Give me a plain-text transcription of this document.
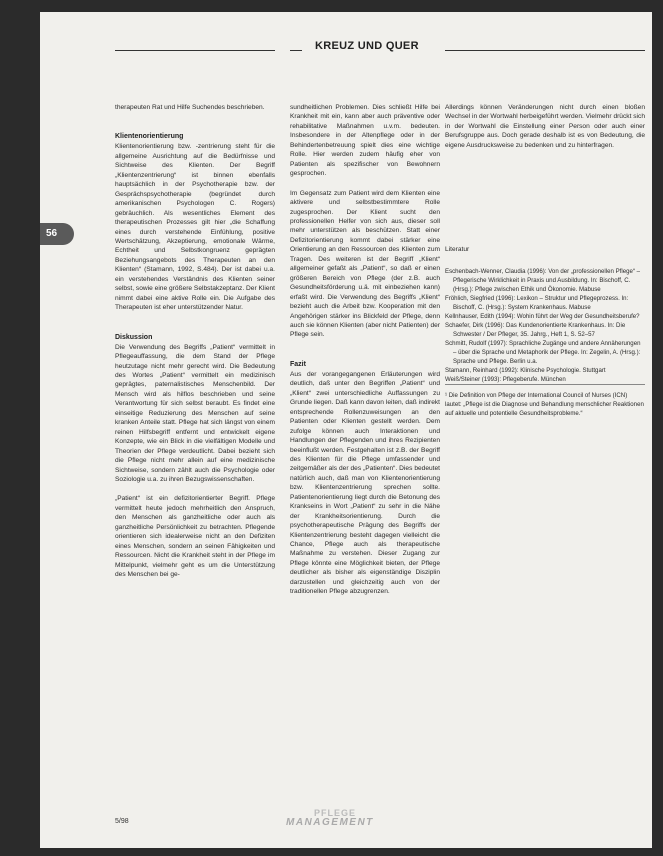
KREUZ UND QUER
56

therapeuten Rat und Hilfe Suchendes beschrieben.

Klientenorientierung

Klientenorientierung bzw. -zentrierung steht für die allgemeine Ausrichtung auf die Bedürfnisse und Sichtweise des Klienten. Der Begriff „Klientenzentrierung“ ist binnen ebenfalls hauptsächlich in der Psychotherapie bzw. der Gesprächspsychotherapie (begründet durch amerikanischen Psychologen C. Rogers) gebräuchlich. Als wesentliches Element des therapeutischen Prozesses gilt hier „die Schaffung eines durch verstehende Einfühlung, positive Wertschätzung, Akzeptierung, emotionale Wärme, Echtheit und Selbstkongruenz geprägten Beziehungsangebots des Therapeuten an den Klienten“ (Stamann, 1992, S.484). Der ist dabei u.a. ein verstehendes Verständnis des Klienten seiner selbst, sowie eine größere Selbstakzeptanz. Der Klient nimmt dabei eine aktive Rolle ein. Die Aufgabe des Therapeuten ist eher unterstützender Natur.

Diskussion

Die Verwendung des Begriffs „Patient“ vermittelt in Pflegeauffassung, die dem Stand der Pflege heutzutage nicht mehr gerecht wird. Die Bedeutung des Wortes „Patient“ vermittelt ein medizinisch geprägtes, paternalistisches Menschenbild. Der Mensch wird als hilflos beschrieben und seine Verantwortung für sich selbst beraubt. Es findet eine einseitige Reduzierung des Menschen auf seine kranken Anteile statt. Pflege hat sich längst von einem reinen Hilfsbegriff entfernt und entwickelt eigene Konzepte, wie ein Blick in die vielfältigen Modelle und Theorien der Pflege verdeutlicht. Dabei bezieht sich die Pflege nicht mehr allein auf eine medizinische Sichtweise, sondern zählt auch die Psychologie oder Soziologie u.a. zu ihren Bezugswissenschaften.

„Patient“ ist ein defizitorientierter Begriff. Pflege vermittelt heute jedoch mehrheitlich den Anspruch, den Menschen als ganzheitliche oder auch als ganzheitliche Persönlichkeit zu betrachten. Pflegende orientieren sich idealerweise nicht an den Defiziten eines Menschen, sondern an seinen Fähigkeiten und Ressourcen. Nicht die Krankheit steht in der Pflege im Mittelpunkt, vielmehr geht es um die Unterstützung des Menschen bei ge-

sundheitlichen Problemen. Dies schließt Hilfe bei Krankheit mit ein, kann aber auch präventive oder rehabilitative Maßnahmen u.v.m. bedeuten. Insbesondere in der Altenpflege oder in der Behindertenbetreuung spielt dies eine wichtige Rolle. Hier werden zudem häufig eher von Patienten als spezifischer von Bewohnern gesprochen.

Im Gegensatz zum Patient wird dem Klienten eine aktivere und selbstbestimmtere Rolle zugesprochen. Der Klient sucht den professionellen Helfer von sich aus, dieser soll mehr unterstützen als beschützen. Statt einer Defizitorientierung kommt dabei stärker eine Orientierung an den Ressourcen des Klienten zum Tragen. Des weiteren ist der Begriff „Klient“ allgemeiner gefaßt als „Patient“, so daß er einen größeren Bereich von Pflege (der z.B. auch Gesundheitsförderung u.ä. mit einbeziehen kann) erfaßt wird. Die Verwendung des Begriffs „Klient“ bezieht auch die Arbeit bzw. Kooperation mit den Angehörigen stärker ins Blickfeld der Pflege, denn auch sie können Klienten (aber nicht Patienten) der Pflege sein.

Fazit

Aus der vorangegangenen Erläuterungen wird deutlich, daß unter den Begriffen „Patient“ und „Klient“ zwei unterschiedliche Auffassungen zu Grunde liegen. Daß kann davon leiten, daß indirekt entsprechende Rollenzuweisungen an den Patienten oder Klienten gestellt werden. Dem zufolge können auch Interaktionen und Handlungen der Pflegenden und ihres Rezipienten beeinflußt werden. Festgehalten ist z.B. der Begriff des Klienten für die Pflege umfassender und zeitgemäßer als der des „Patienten“. Dies bedeutet natürlich auch, daß man von Klientenorientierung bzw. Klientenzentrierung sprechen sollte. Patientenorientierung liegt durch die Betonung des Krankseins in Wort „Patient“ zu sehr in die Nähe der Krankheitsorientierung. Durch die psychotherapeutische Prägung des Begriffs der Klientenzentrierung besteht dagegen vielleicht die Chance, Pflege auch als therapeutische Maßnahme zu verstehen. Dieser Zugang zur Pflege könnte eine Möglichkeit bieten, der Pflege deutlicher als bisher als eigenständige Disziplin darzustellen und gleichzeitig auch von der traditionellen Pflege abzugrenzen.

Allerdings können Veränderungen nicht durch einen bloßen Wechsel in der Wortwahl herbeigeführt werden. Vielmehr drückt sich in der Wortwahl die Einstellung einer Person oder auch einer Berufsgruppe aus. Doch gerade deshalb ist es von Bedeutung, die eigene Ausdrucksweise zu bedenken und zu hinterfragen.

Literatur

Eschenbach-Wenner, Claudia (1996): Von der „professionellen Pflege“ – Pflegerische Wirklichkeit in Praxis und Ausbildung. In: Bischoff, C. (Hrsg.): Pflege zwischen Ethik und Ökonomie. Mabuse

Fröhlich, Siegfried (1996): Lexikon – Struktur und Pflegeprozess. In: Bischoff, C. (Hrsg.): System Krankenhaus. Mabuse

Kellnhauser, Edith (1994): Wohin führt der Weg der Gesundheitsberufe?

Schaefer, Dirk (1996): Das Kundenorientierte Krankenhaus. In: Die Schwester / Der Pfleger, 35. Jahrg., Heft 1, S. 52–57

Schmitt, Rudolf (1997): Sprachliche Zugänge und andere Annäherungen – über die Sprache und Metaphorik der Pflege. In: Zegelin, A. (Hrsg.): Sprache und Pflege. Berlin u.a.

Stamann, Reinhard (1992): Klinische Psychologie. Stuttgart

Weiß/Steiner (1993): Pflegeberufe. München

¹ Die Definition von Pflege der International Council of Nurses (ICN) lautet: „Pflege ist die Diagnose und Behandlung menschlicher Reaktionen auf aktuelle und potentielle Gesundheitsprobleme.“

5/98
PFLEGE
MANAGEMENT
